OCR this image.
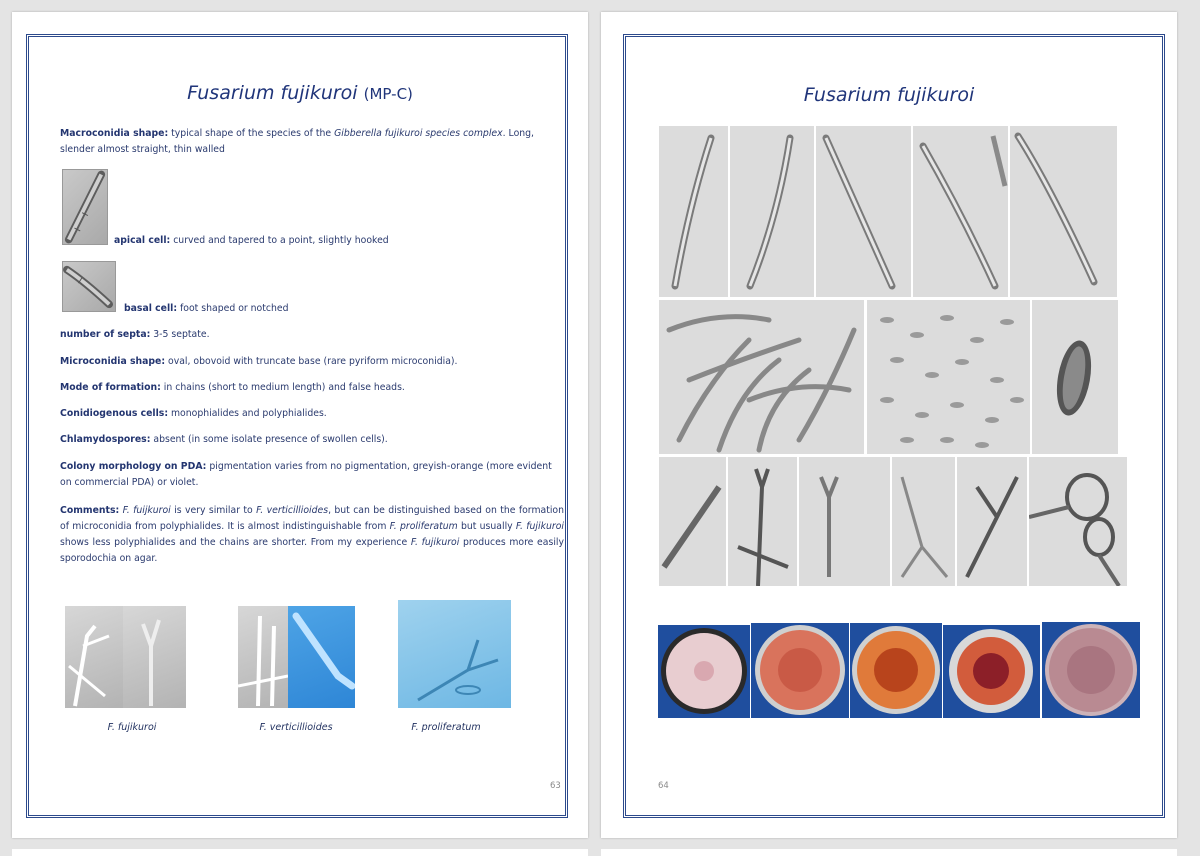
Fusarium fujikuroi (MP-C)
Macroconidia shape: typical shape of the species of the Gibberella fujikuroi species complex. Long, slender almost straight, thin walled
apical cell: curved and tapered to a point, slightly hooked
basal cell: foot shaped or notched
number of septa: 3-5 septate.
Microconidia shape: oval, obovoid with truncate base (rare pyriform microconidia).
Mode of formation: in chains (short to medium length) and false heads.
Conidiogenous cells: monophialides and polyphialides.
Chlamydospores: absent (in some isolate presence of swollen cells).
Colony morphology on PDA: pigmentation varies from no pigmentation, greyish-orange (more evident on commercial PDA) or violet.
Comments: F. fuijkuroi is very similar to F. verticillioides, but can be distinguished based on the formation of microconidia from polyphialides. It is almost indistinguishable from F. proliferatum but usually F. fujikuroi shows less polyphialides and the chains are shorter. From my experience F. fujikuroi produces more easily sporodochia on agar.
F. fujikuroi	F. verticillioides	F. proliferatum
63
Fusarium fujikuroi
64
